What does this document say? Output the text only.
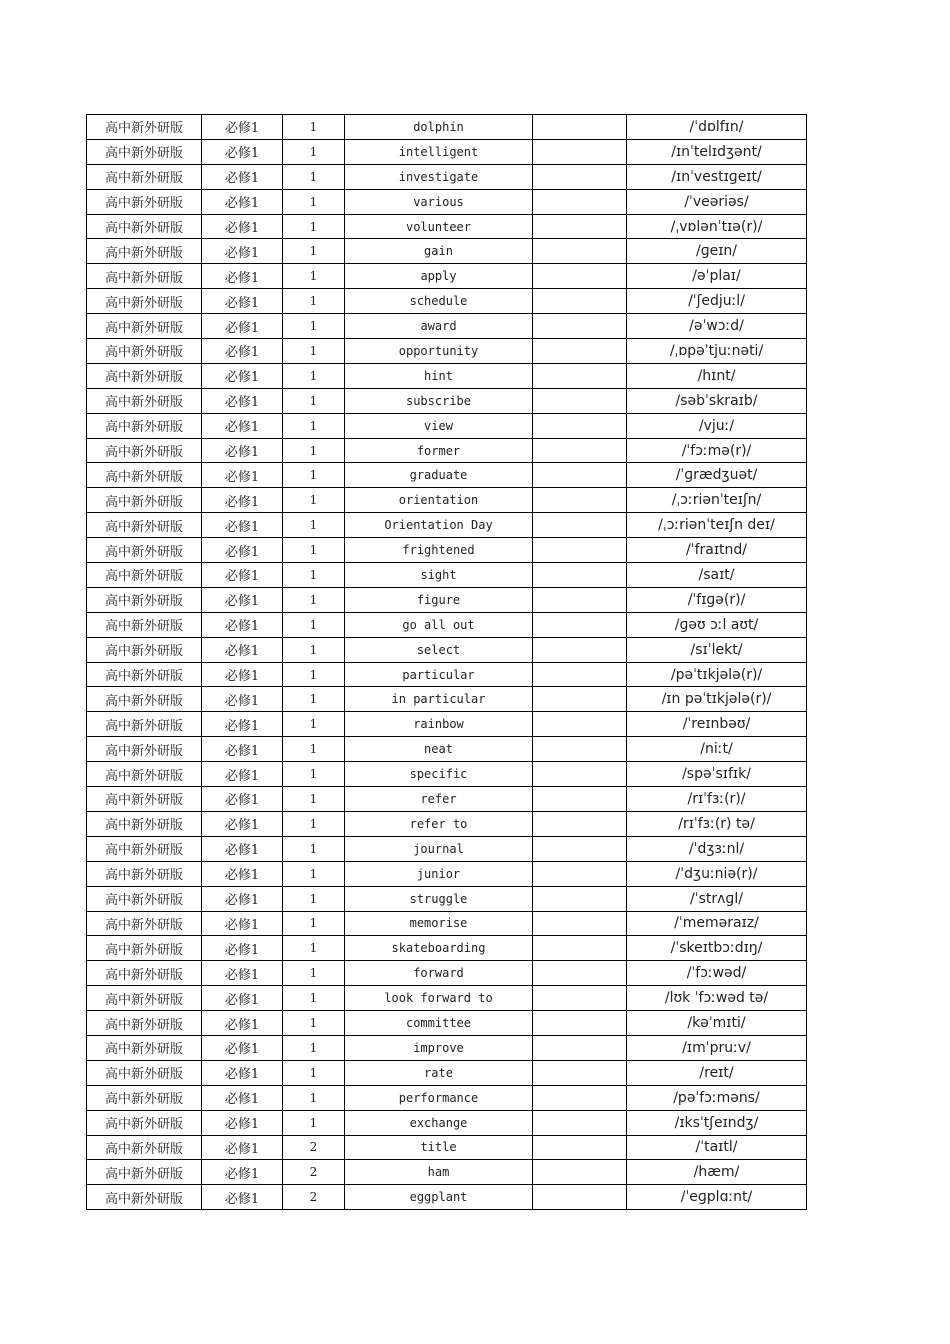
高中新外研版	必修1	1	dolphin		/ˈdɒlfɪn/
高中新外研版	必修1	1	intelligent		/ɪnˈtelɪdʒənt/
高中新外研版	必修1	1	investigate		/ɪnˈvestɪɡeɪt/
高中新外研版	必修1	1	various		/ˈveəriəs/
高中新外研版	必修1	1	volunteer		/ˌvɒlənˈtɪə(r)/
高中新外研版	必修1	1	gain		/ɡeɪn/
高中新外研版	必修1	1	apply		/əˈplaɪ/
高中新外研版	必修1	1	schedule		/ˈʃedjuːl/
高中新外研版	必修1	1	award		/əˈwɔːd/
高中新外研版	必修1	1	opportunity		/ˌɒpəˈtjuːnəti/
高中新外研版	必修1	1	hint		/hɪnt/
高中新外研版	必修1	1	subscribe		/səbˈskraɪb/
高中新外研版	必修1	1	view		/vjuː/
高中新外研版	必修1	1	former		/ˈfɔːmə(r)/
高中新外研版	必修1	1	graduate		/ˈɡrædʒuət/
高中新外研版	必修1	1	orientation		/ˌɔːriənˈteɪʃn/
高中新外研版	必修1	1	Orientation Day		/ˌɔːriənˈteɪʃn deɪ/
高中新外研版	必修1	1	frightened		/ˈfraɪtnd/
高中新外研版	必修1	1	sight		/saɪt/
高中新外研版	必修1	1	figure		/ˈfɪɡə(r)/
高中新外研版	必修1	1	go all out		/ɡəʊ ɔːl aʊt/
高中新外研版	必修1	1	select		/sɪˈlekt/
高中新外研版	必修1	1	particular		/pəˈtɪkjələ(r)/
高中新外研版	必修1	1	in particular		/ɪn pəˈtɪkjələ(r)/
高中新外研版	必修1	1	rainbow		/ˈreɪnbəʊ/
高中新外研版	必修1	1	neat		/niːt/
高中新外研版	必修1	1	specific		/spəˈsɪfɪk/
高中新外研版	必修1	1	refer		/rɪˈfɜː(r)/
高中新外研版	必修1	1	refer to		/rɪˈfɜː(r) tə/
高中新外研版	必修1	1	journal		/ˈdʒɜːnl/
高中新外研版	必修1	1	junior		/ˈdʒuːniə(r)/
高中新外研版	必修1	1	struggle		/ˈstrʌɡl/
高中新外研版	必修1	1	memorise		/ˈmeməraɪz/
高中新外研版	必修1	1	skateboarding		/ˈskeɪtbɔːdɪŋ/
高中新外研版	必修1	1	forward		/ˈfɔːwəd/
高中新外研版	必修1	1	look forward to		/lʊk ˈfɔːwəd tə/
高中新外研版	必修1	1	committee		/kəˈmɪti/
高中新外研版	必修1	1	improve		/ɪmˈpruːv/
高中新外研版	必修1	1	rate		/reɪt/
高中新外研版	必修1	1	performance		/pəˈfɔːməns/
高中新外研版	必修1	1	exchange		/ɪksˈtʃeɪndʒ/
高中新外研版	必修1	2	title		/ˈtaɪtl/
高中新外研版	必修1	2	ham		/hæm/
高中新外研版	必修1	2	eggplant		/ˈeɡplɑːnt/
